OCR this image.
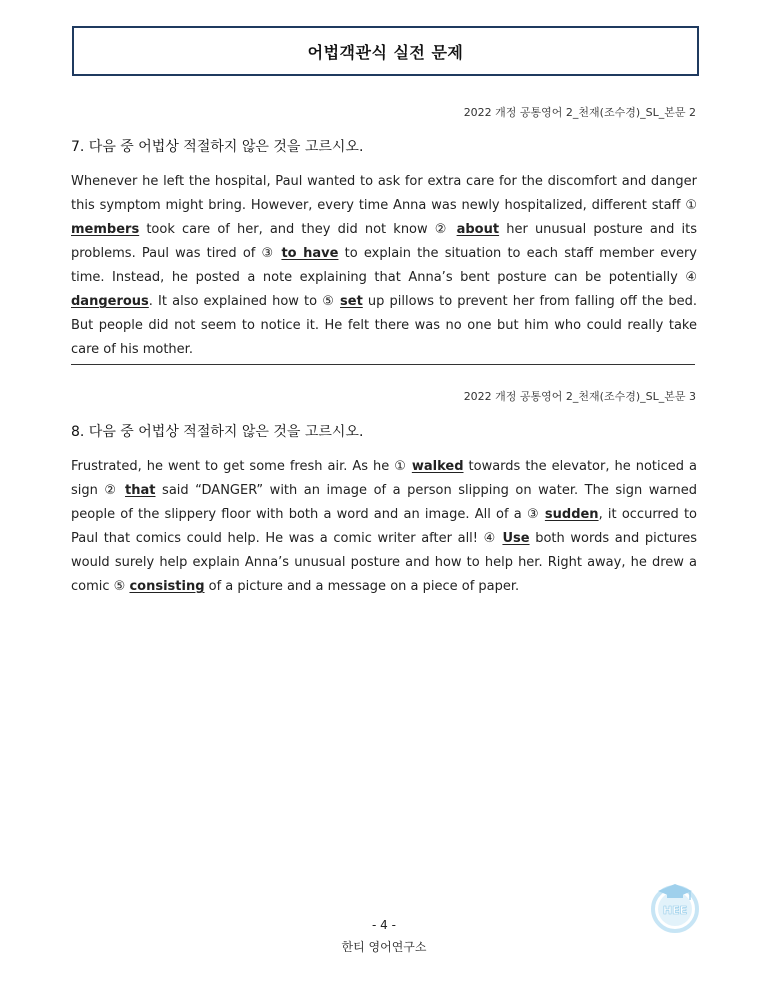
어법객관식 실전 문제
2022 개정 공통영어 2_천재(조수경)_SL_본문 2
7. 다음 중 어법상 적절하지 않은 것을 고르시오.
Whenever he left the hospital, Paul wanted to ask for extra care for the discomfort and danger this symptom might bring. However, every time Anna was newly hospitalized, different staff ① members took care of her, and they did not know ② about her unusual posture and its problems. Paul was tired of ③ to have to explain the situation to each staff member every time. Instead, he posted a note explaining that Anna’s bent posture can be potentially ④ dangerous. It also explained how to ⑤ set up pillows to prevent her from falling off the bed. But people did not seem to notice it. He felt there was no one but him who could really take care of his mother.
2022 개정 공통영어 2_천재(조수경)_SL_본문 3
8. 다음 중 어법상 적절하지 않은 것을 고르시오.
Frustrated, he went to get some fresh air. As he ① walked towards the elevator, he noticed a sign ② that said “DANGER” with an image of a person slipping on water. The sign warned people of the slippery floor with both a word and an image. All of a ③ sudden, it occurred to Paul that comics could help. He was a comic writer after all! ④ Use both words and pictures would surely help explain Anna’s unusual posture and how to help her. Right away, he drew a comic ⑤ consisting of a picture and a message on a piece of paper.
HEE
- 4 -
한티 영어연구소
